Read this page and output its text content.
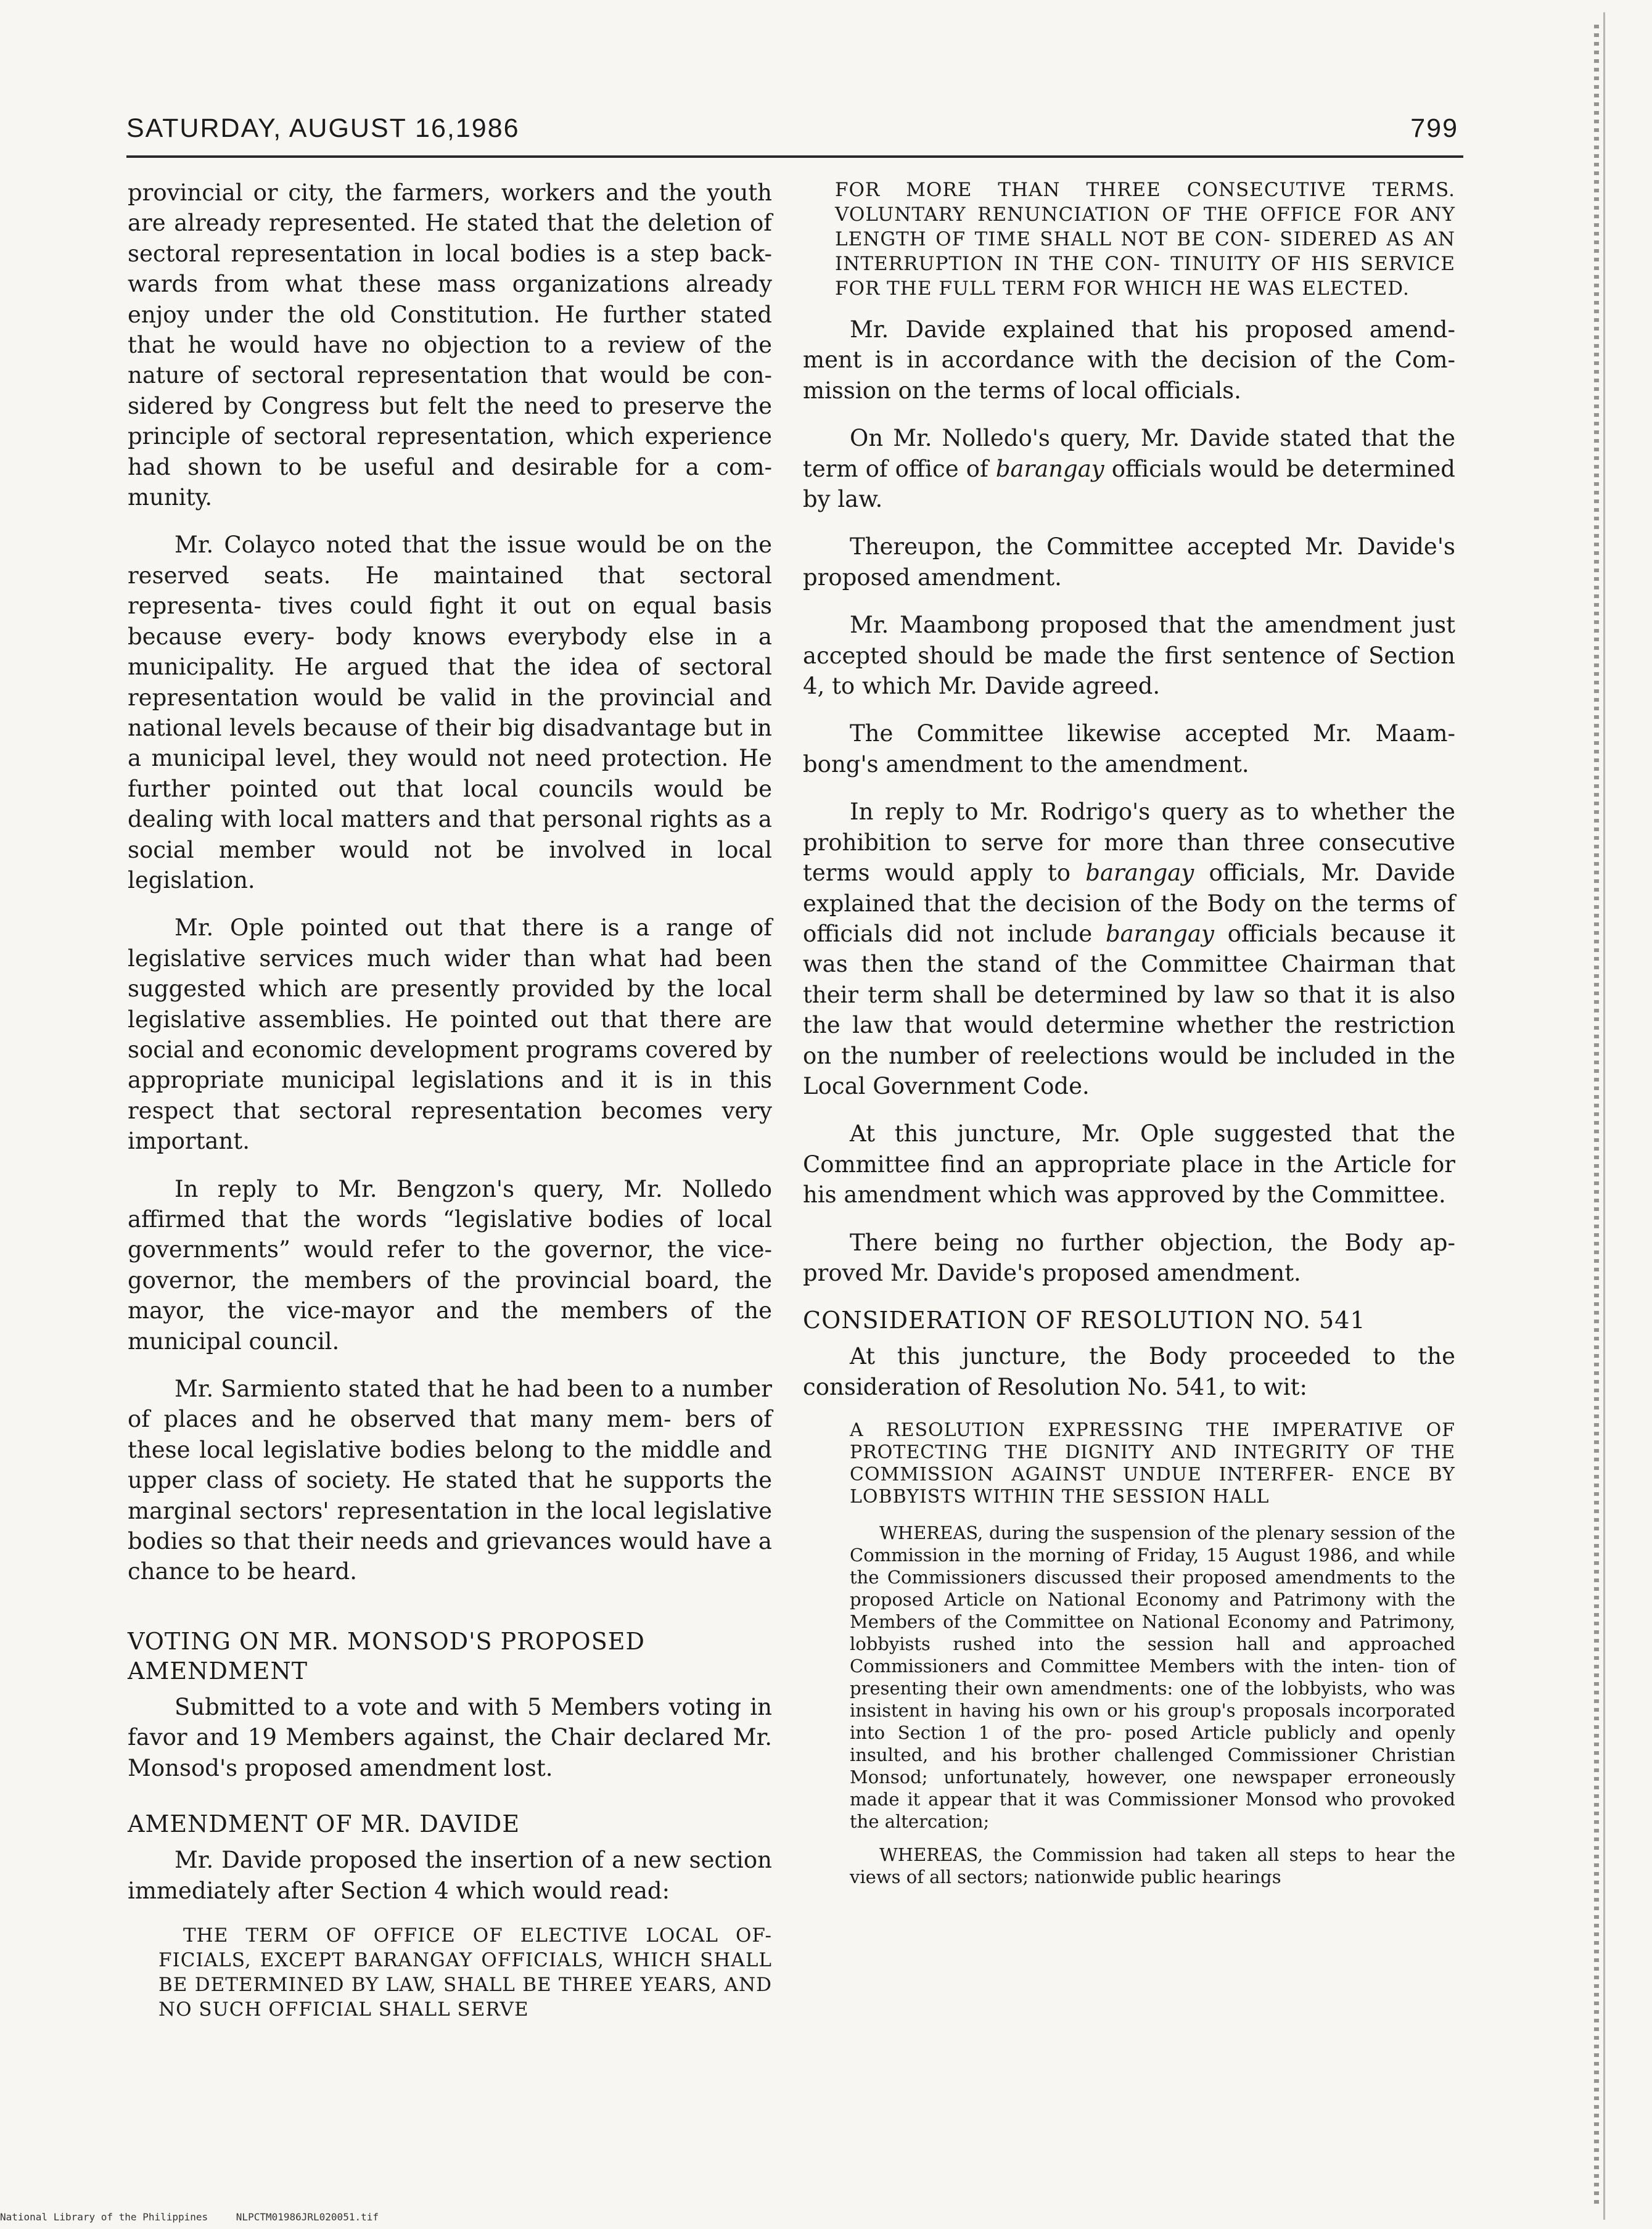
SATURDAY, AUGUST 16,1986	799

provincial or city, the farmers, workers and the youth are already represented. He stated that the deletion of sectoral representation in local bodies is a step back- wards from what these mass organizations already enjoy under the old Constitution. He further stated that he would have no objection to a review of the nature of sectoral representation that would be con- sidered by Congress but felt the need to preserve the principle of sectoral representation, which experience had shown to be useful and desirable for a com- munity.

Mr. Colayco noted that the issue would be on the reserved seats. He maintained that sectoral representa- tives could fight it out on equal basis because every- body knows everybody else in a municipality. He argued that the idea of sectoral representation would be valid in the provincial and national levels because of their big disadvantage but in a municipal level, they would not need protection. He further pointed out that local councils would be dealing with local matters and that personal rights as a social member would not be involved in local legislation.

Mr. Ople pointed out that there is a range of legislative services much wider than what had been suggested which are presently provided by the local legislative assemblies. He pointed out that there are social and economic development programs covered by appropriate municipal legislations and it is in this respect that sectoral representation becomes very important.

In reply to Mr. Bengzon's query, Mr. Nolledo affirmed that the words “legislative bodies of local governments” would refer to the governor, the vice- governor, the members of the provincial board, the mayor, the vice-mayor and the members of the municipal council.

Mr. Sarmiento stated that he had been to a number of places and he observed that many mem- bers of these local legislative bodies belong to the middle and upper class of society. He stated that he supports the marginal sectors' representation in the local legislative bodies so that their needs and grievances would have a chance to be heard.

VOTING ON MR. MONSOD'S PROPOSED AMENDMENT

Submitted to a vote and with 5 Members voting in favor and 19 Members against, the Chair declared Mr. Monsod's proposed amendment lost.

AMENDMENT OF MR. DAVIDE

Mr. Davide proposed the insertion of a new section immediately after Section 4 which would read:

THE TERM OF OFFICE OF ELECTIVE LOCAL OF- FICIALS, EXCEPT BARANGAY OFFICIALS, WHICH SHALL BE DETERMINED BY LAW, SHALL BE THREE YEARS, AND NO SUCH OFFICIAL SHALL SERVE

FOR MORE THAN THREE CONSECUTIVE TERMS. VOLUNTARY RENUNCIATION OF THE OFFICE FOR ANY LENGTH OF TIME SHALL NOT BE CON- SIDERED AS AN INTERRUPTION IN THE CON- TINUITY OF HIS SERVICE FOR THE FULL TERM FOR WHICH HE WAS ELECTED.

Mr. Davide explained that his proposed amend- ment is in accordance with the decision of the Com- mission on the terms of local officials.

On Mr. Nolledo's query, Mr. Davide stated that the term of office of barangay officials would be determined by law.

Thereupon, the Committee accepted Mr. Davide's proposed amendment.

Mr. Maambong proposed that the amendment just accepted should be made the first sentence of Section 4, to which Mr. Davide agreed.

The Committee likewise accepted Mr. Maam- bong's amendment to the amendment.

In reply to Mr. Rodrigo's query as to whether the prohibition to serve for more than three consecutive terms would apply to barangay officials, Mr. Davide explained that the decision of the Body on the terms of officials did not include barangay officials because it was then the stand of the Committee Chairman that their term shall be determined by law so that it is also the law that would determine whether the restriction on the number of reelections would be included in the Local Government Code.

At this juncture, Mr. Ople suggested that the Committee find an appropriate place in the Article for his amendment which was approved by the Committee.

There being no further objection, the Body ap- proved Mr. Davide's proposed amendment.

CONSIDERATION OF RESOLUTION NO. 541

At this juncture, the Body proceeded to the consideration of Resolution No. 541, to wit:

A RESOLUTION EXPRESSING THE IMPERATIVE OF PROTECTING THE DIGNITY AND INTEGRITY OF THE COMMISSION AGAINST UNDUE INTERFER- ENCE BY LOBBYISTS WITHIN THE SESSION HALL

WHEREAS, during the suspension of the plenary session of the Commission in the morning of Friday, 15 August 1986, and while the Commissioners discussed their proposed amendments to the proposed Article on National Economy and Patrimony with the Members of the Committee on National Economy and Patrimony, lobbyists rushed into the session hall and approached Commissioners and Committee Members with the inten- tion of presenting their own amendments: one of the lobbyists, who was insistent in having his own or his group's proposals incorporated into Section 1 of the pro- posed Article publicly and openly insulted, and his brother challenged Commissioner Christian Monsod; unfortunately, however, one newspaper erroneously made it appear that it was Commissioner Monsod who provoked the altercation;

WHEREAS, the Commission had taken all steps to hear the views of all sectors; nationwide public hearings

National Library of the Philippines	NLPCTM01986JRL020051.tif
